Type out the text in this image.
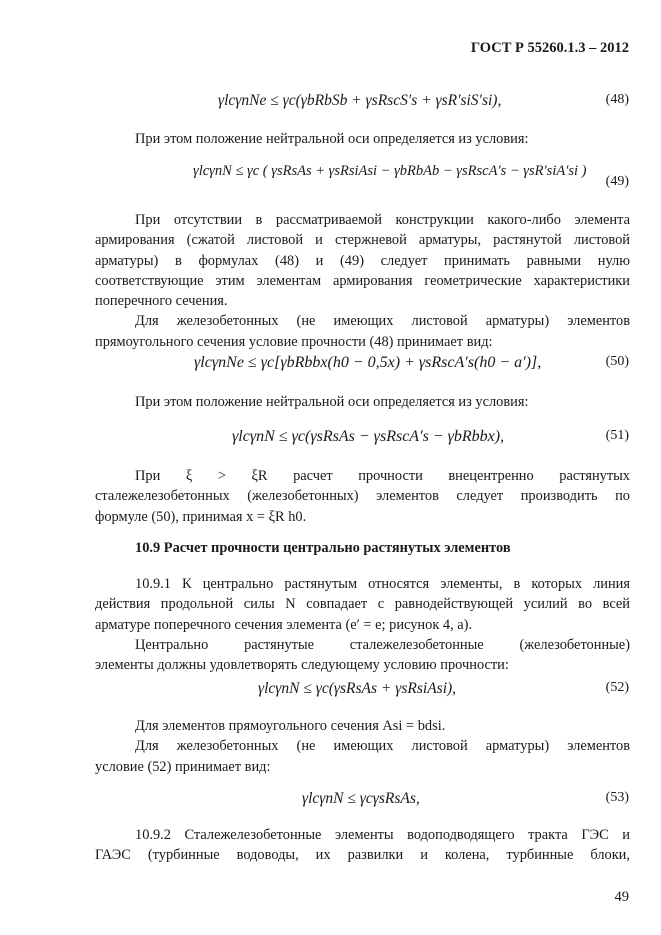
ГОСТ Р 55260.1.3 – 2012
γlcγnNe ≤ γc(γbRbSb + γsRscS′s + γsR′siS′si),	(48)

При этом положение нейтральной оси определяется из условия:

γlcγnN ≤ γc ( γsRsAs + γsRsiAsi − γbRbAb − γsRscA′s − γsR′siA′si )
(49)

При отсутствии в рассматриваемой конструкции какого-либо элемента

армирования (сжатой листовой и стержневой арматуры, растянутой листовой

арматуры) в формулах (48) и (49) следует принимать равными нулю

соответствующие этим элементам армирования геометрические характеристики

поперечного сечения.

Для железобетонных (не имеющих листовой арматуры) элементов

прямоугольного сечения условие прочности (48) принимает вид:

γlcγnNe ≤ γc[γbRbbx(h0 − 0,5x) + γsRscA′s(h0 − a′)],	(50)

При этом положение нейтральной оси определяется из условия:

γlcγnN ≤ γc(γsRsAs − γsRscA′s − γbRbbx),	(51)

При ξ > ξR расчет прочности внецентренно растянутых

сталежелезобетонных (железобетонных) элементов следует производить по

формуле (50), принимая x = ξR h0.

10.9 Расчет прочности центрально растянутых элементов

10.9.1 К центрально растянутым относятся элементы, в которых линия

действия продольной силы N совпадает с равнодействующей усилий во всей

арматуре поперечного сечения элемента (e′ = e; рисунок 4, а).

Центрально растянутые сталежелезобетонные (железобетонные)

элементы должны удовлетворять следующему условию прочности:

γlcγnN ≤ γc(γsRsAs + γsRsiAsi),	(52)

Для элементов прямоугольного сечения Asi = bdsi.

Для железобетонных (не имеющих листовой арматуры) элементов

условие (52) принимает вид:

γlcγnN ≤ γcγsRsAs,	(53)

10.9.2 Сталежелезобетонные элементы водоподводящего тракта ГЭС и

ГАЭС (турбинные водоводы, их развилки и колена, турбинные блоки,

49
